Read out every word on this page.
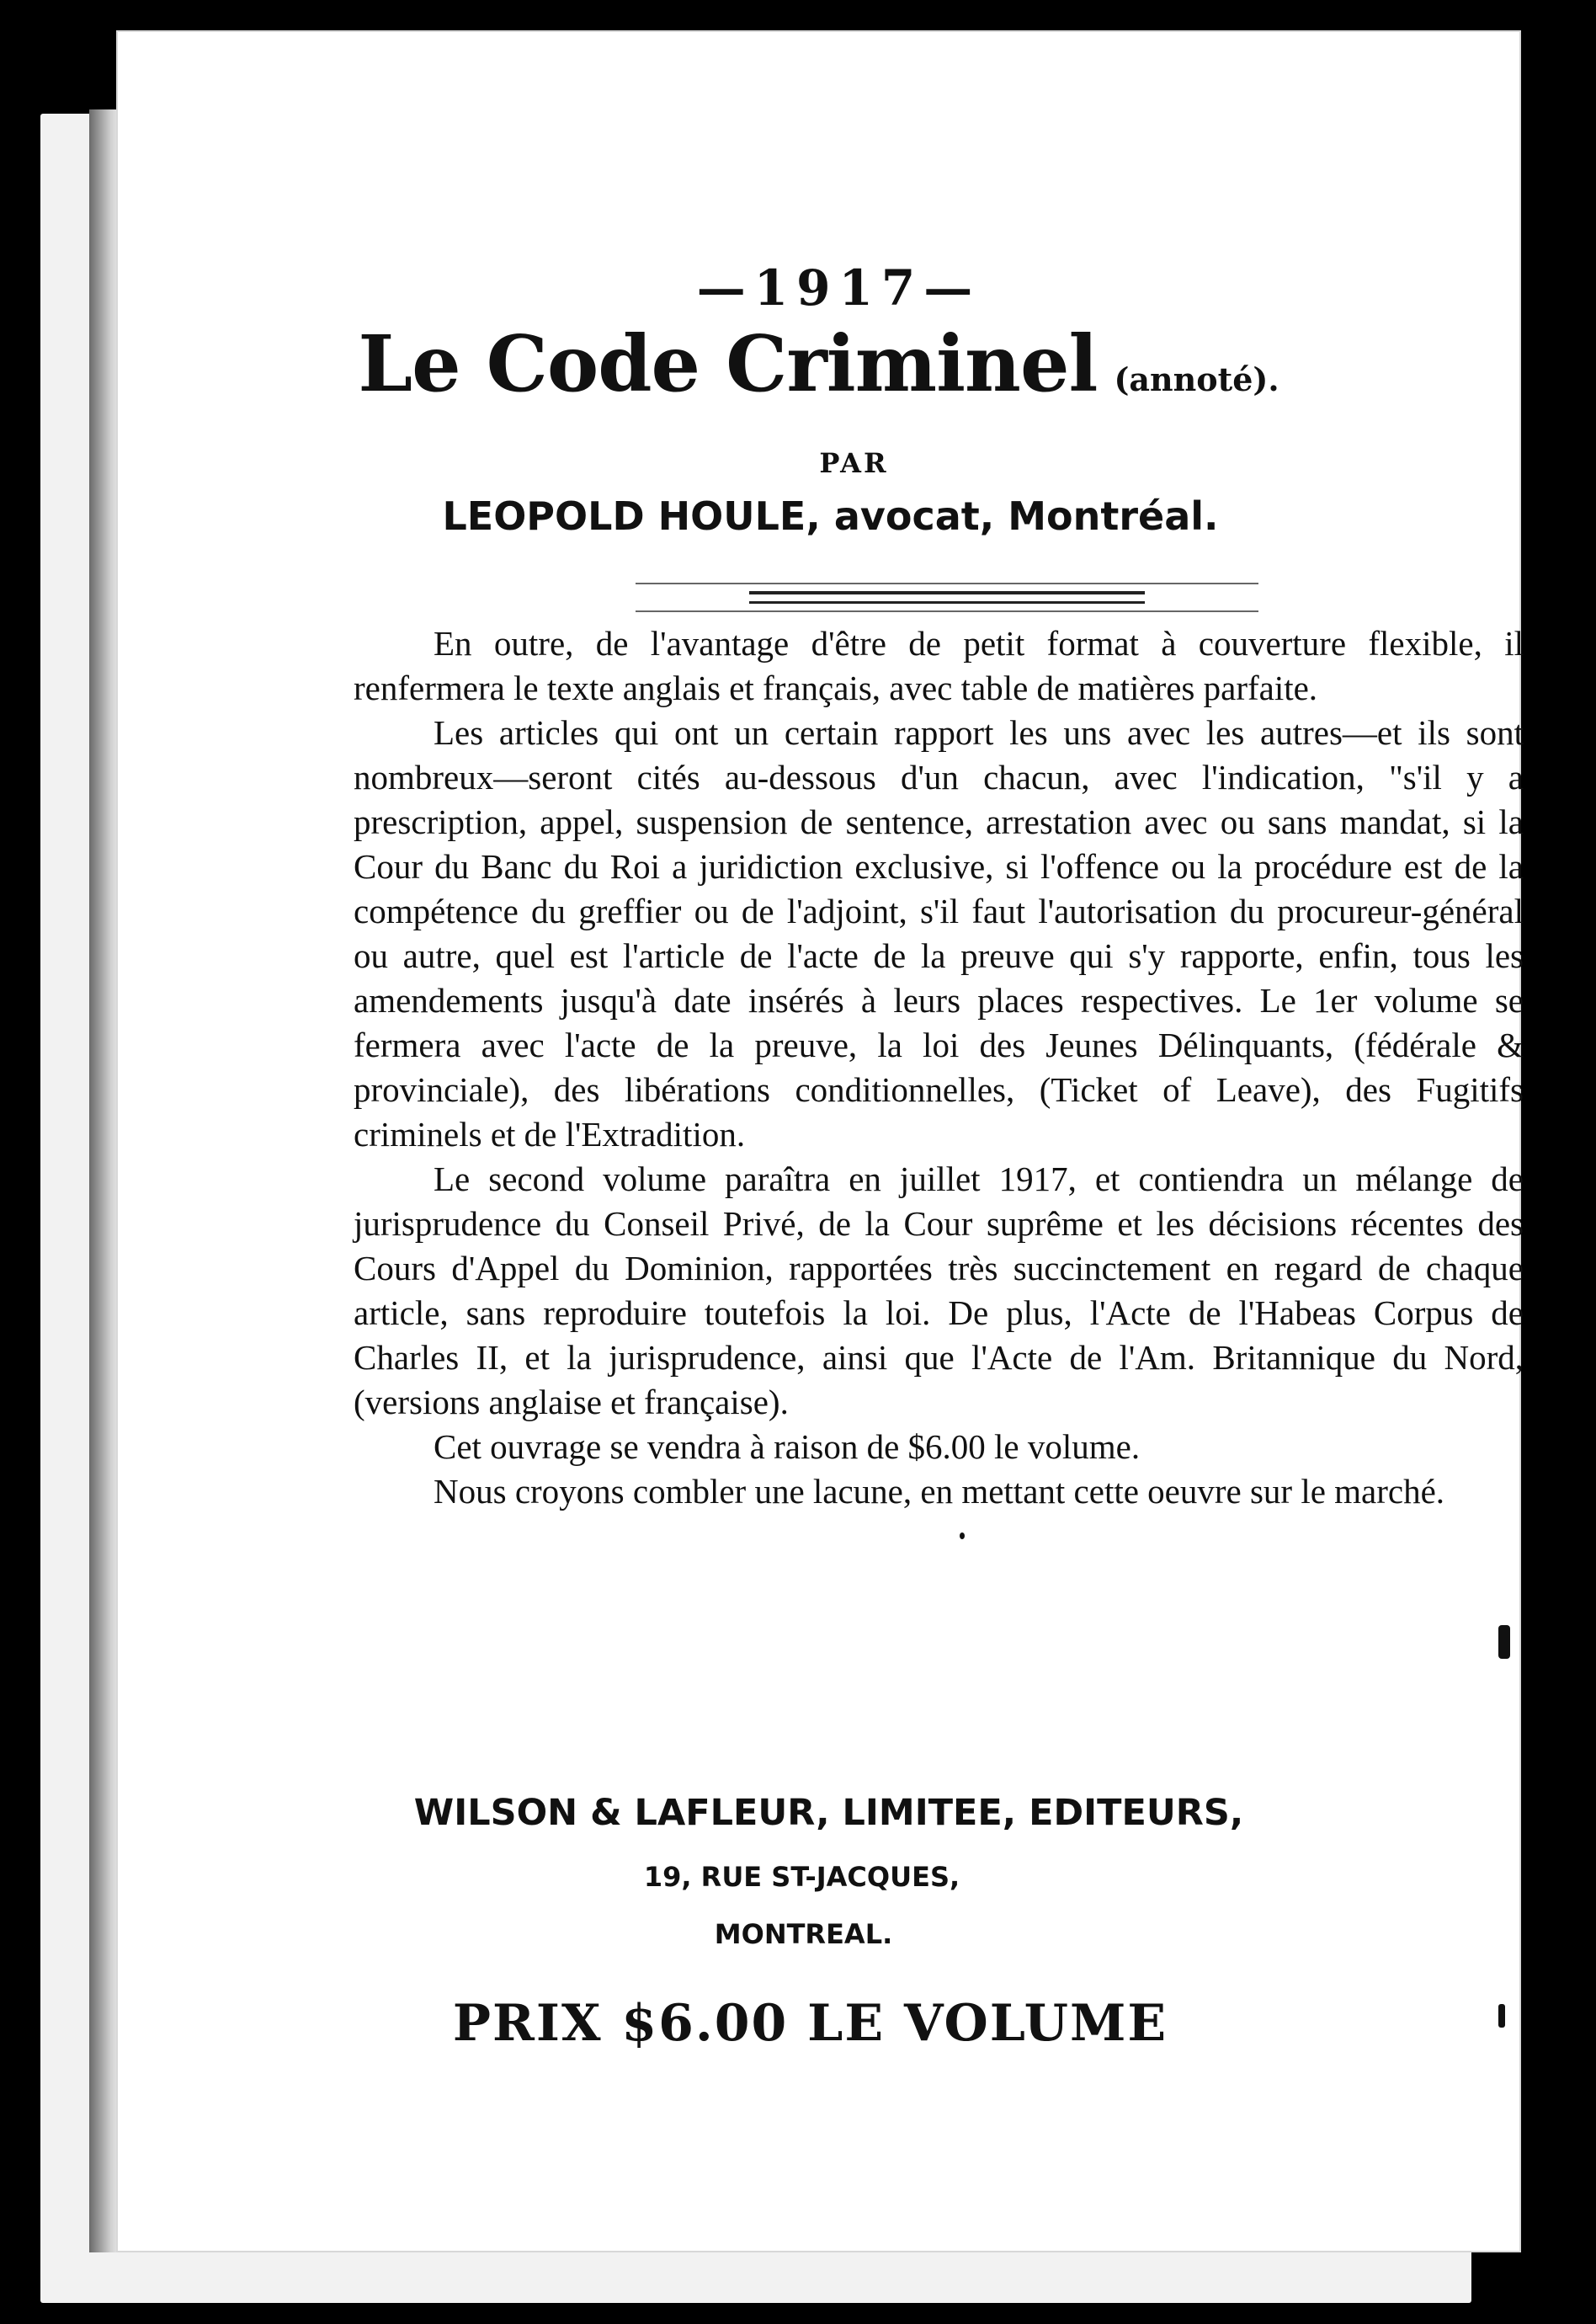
—1917—
Le Code Criminel (annoté).
PAR
LEOPOLD HOULE, avocat, Montréal.

En outre, de l'avantage d'être de petit format à couverture flexible, il renfermera le texte anglais et français, avec table de matières parfaite.

Les articles qui ont un certain rapport les uns avec les autres—et ils sont nombreux—seront cités au-dessous d'un chacun, avec l'indication, "s'il y a prescription, appel, suspension de sentence, arrestation avec ou sans mandat, si la Cour du Banc du Roi a juridiction exclusive, si l'offence ou la procédure est de la compétence du greffier ou de l'adjoint, s'il faut l'autorisation du procureur-général ou autre, quel est l'article de l'acte de la preuve qui s'y rapporte, enfin, tous les amendements jusqu'à date insérés à leurs places respectives. Le 1er volume se fermera avec l'acte de la preuve, la loi des Jeunes Délinquants, (fédérale & provinciale), des libérations conditionnelles, (Ticket of Leave), des Fugitifs criminels et de l'Extradition.

Le second volume paraîtra en juillet 1917, et contiendra un mélange de jurisprudence du Conseil Privé, de la Cour suprême et les décisions récentes des Cours d'Appel du Dominion, rapportées très succinctement en regard de chaque article, sans reproduire toutefois la loi. De plus, l'Acte de l'Habeas Corpus de Charles II, et la jurisprudence, ainsi que l'Acte de l'Am. Britannique du Nord, (versions anglaise et française).

Cet ouvrage se vendra à raison de $6.00 le volume.

Nous croyons combler une lacune, en mettant cette oeuvre sur le marché.

WILSON & LAFLEUR, LIMITEE, EDITEURS,
19, RUE ST-JACQUES,
MONTREAL.
PRIX $6.00 LE VOLUME
